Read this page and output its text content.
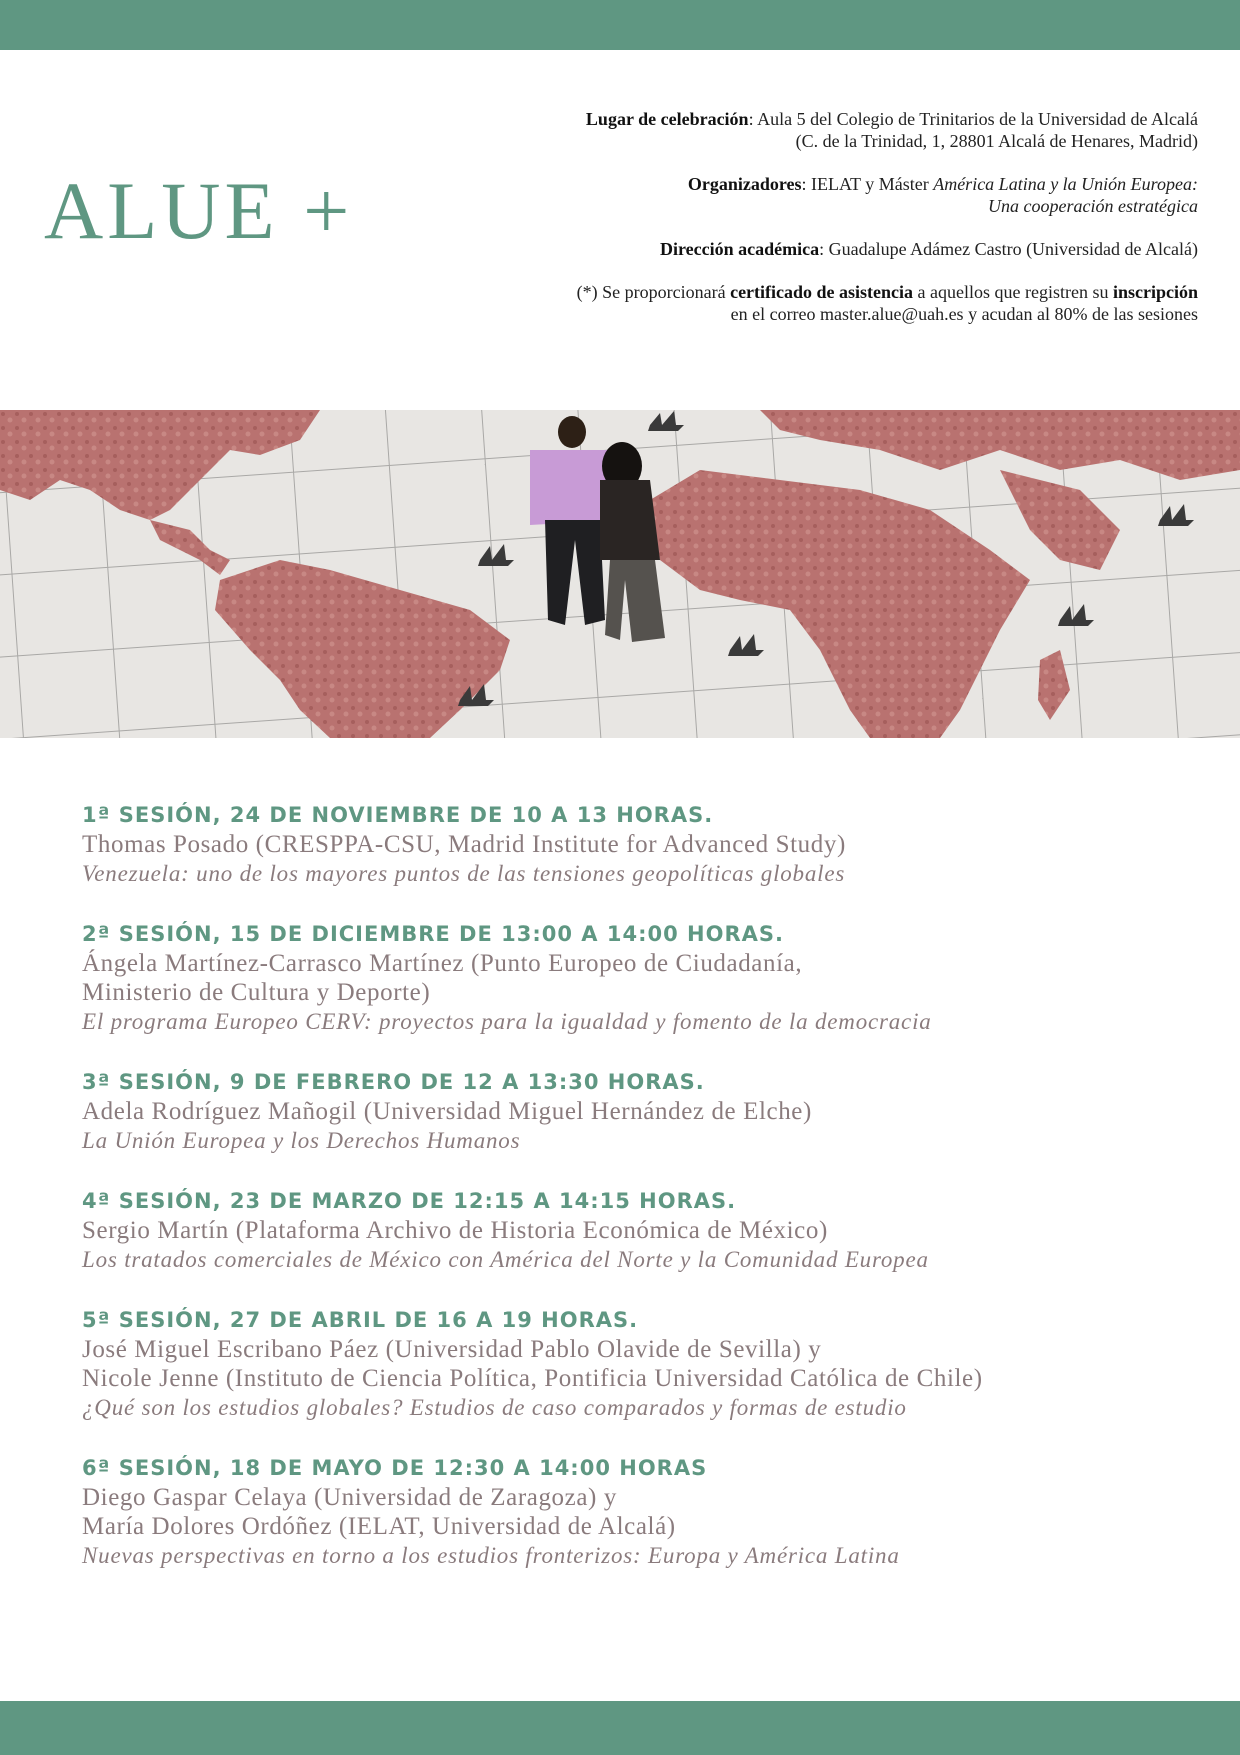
ALUE +

Lugar de celebración: Aula 5 del Colegio de Trinitarios de la Universidad de Alcalá
(C. de la Trinidad, 1, 28801 Alcalá de Henares, Madrid)

Organizadores: IELAT y Máster América Latina y la Unión Europea:
Una cooperación estratégica

Dirección académica: Guadalupe Adámez Castro (Universidad de Alcalá)

(*) Se proporcionará certificado de asistencia a aquellos que registren su inscripción
en el correo master.alue@uah.es y acudan al 80% de las sesiones

1ª SESIÓN, 24 DE NOVIEMBRE DE 10 A 13 HORAS.
Thomas Posado (CRESPPA-CSU, Madrid Institute for Advanced Study)
Venezuela: uno de los mayores puntos de las tensiones geopolíticas globales
2ª SESIÓN, 15 DE DICIEMBRE DE 13:00 A 14:00 HORAS.
Ángela Martínez-Carrasco Martínez (Punto Europeo de Ciudadanía,
Ministerio de Cultura y Deporte)
El programa Europeo CERV: proyectos para la igualdad y fomento de la democracia
3ª SESIÓN, 9 DE FEBRERO DE 12 A 13:30 HORAS.
Adela Rodríguez Mañogil (Universidad Miguel Hernández de Elche)
La Unión Europea y los Derechos Humanos
4ª SESIÓN, 23 DE MARZO DE 12:15 A 14:15 HORAS.
Sergio Martín (Plataforma Archivo de Historia Económica de México)
Los tratados comerciales de México con América del Norte y la Comunidad Europea
5ª SESIÓN, 27 DE ABRIL DE 16 A 19 HORAS.
José Miguel Escribano Páez (Universidad Pablo Olavide de Sevilla) y
Nicole Jenne (Instituto de Ciencia Política, Pontificia Universidad Católica de Chile)
¿Qué son los estudios globales? Estudios de caso comparados y formas de estudio
6ª SESIÓN, 18 DE MAYO DE 12:30 A 14:00 HORAS
Diego Gaspar Celaya (Universidad de Zaragoza) y
María Dolores Ordóñez (IELAT, Universidad de Alcalá)
Nuevas perspectivas en torno a los estudios fronterizos: Europa y América Latina
